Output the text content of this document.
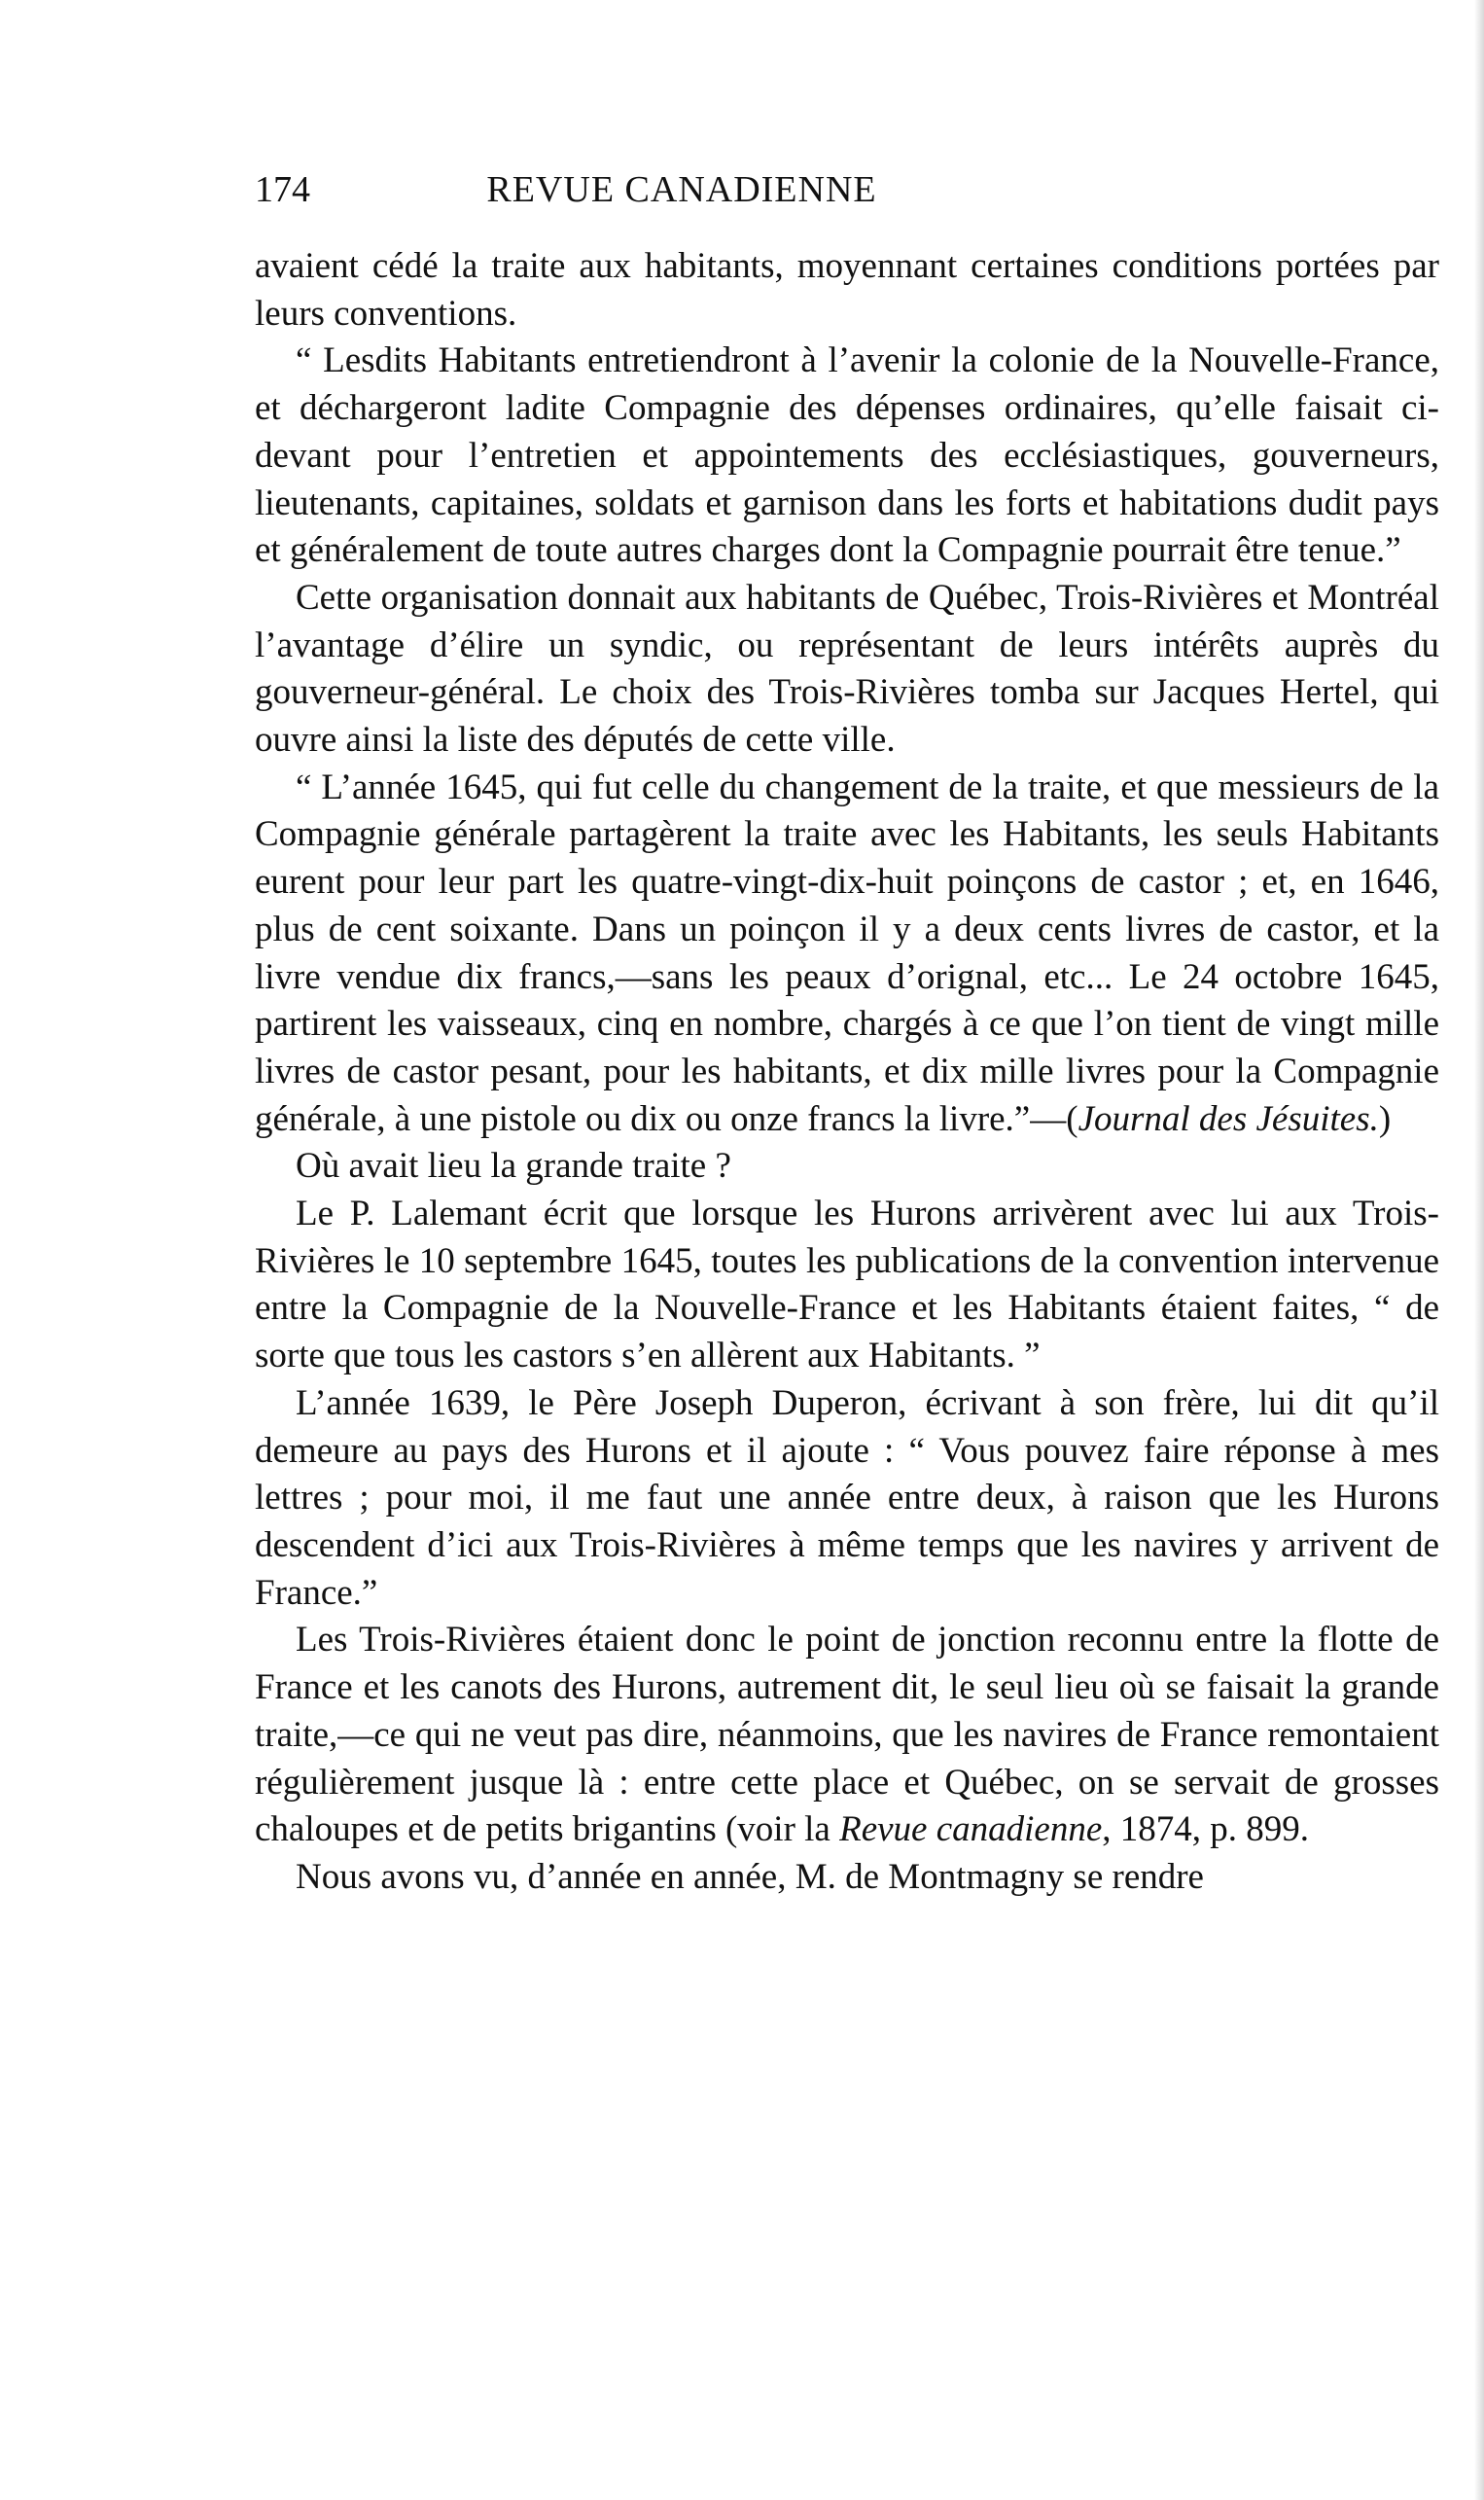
174	REVUE CANADIENNE

avaient cédé la traite aux habitants, moyennant certaines conditions portées par leurs conventions.

“ Lesdits Habitants entretiendront à l’avenir la colonie de la Nouvelle-France, et déchargeront ladite Compagnie des dépenses ordinaires, qu’elle faisait ci-devant pour l’entretien et appointements des ecclésiastiques, gouverneurs, lieutenants, capitaines, soldats et garnison dans les forts et habitations dudit pays et généralement de toute autres charges dont la Compagnie pourrait être tenue.”

Cette organisation donnait aux habitants de Québec, Trois-Rivières et Montréal l’avantage d’élire un syndic, ou représentant de leurs intérêts auprès du gouverneur-général. Le choix des Trois-Rivières tomba sur Jacques Hertel, qui ouvre ainsi la liste des députés de cette ville.

“ L’année 1645, qui fut celle du changement de la traite, et que messieurs de la Compagnie générale partagèrent la traite avec les Habitants, les seuls Habitants eurent pour leur part les quatre-vingt-dix-huit poinçons de castor ; et, en 1646, plus de cent soixante. Dans un poinçon il y a deux cents livres de castor, et la livre vendue dix francs,—sans les peaux d’orignal, etc... Le 24 octobre 1645, partirent les vaisseaux, cinq en nombre, chargés à ce que l’on tient de vingt mille livres de castor pesant, pour les habitants, et dix mille livres pour la Compagnie générale, à une pistole ou dix ou onze francs la livre.”—(Journal des Jésuites.)

Où avait lieu la grande traite ?

Le P. Lalemant écrit que lorsque les Hurons arrivèrent avec lui aux Trois-Rivières le 10 septembre 1645, toutes les publications de la convention intervenue entre la Compagnie de la Nouvelle-France et les Habitants étaient faites, “ de sorte que tous les castors s’en allèrent aux Habitants. ”

L’année 1639, le Père Joseph Duperon, écrivant à son frère, lui dit qu’il demeure au pays des Hurons et il ajoute : “ Vous pouvez faire réponse à mes lettres ; pour moi, il me faut une année entre deux, à raison que les Hurons descendent d’ici aux Trois-Rivières à même temps que les navires y arrivent de France.”

Les Trois-Rivières étaient donc le point de jonction reconnu entre la flotte de France et les canots des Hurons, autrement dit, le seul lieu où se faisait la grande traite,—ce qui ne veut pas dire, néanmoins, que les navires de France remontaient régulièrement jusque là : entre cette place et Québec, on se servait de grosses chaloupes et de petits brigantins (voir la Revue canadienne, 1874, p. 899.

Nous avons vu, d’année en année, M. de Montmagny se rendre
